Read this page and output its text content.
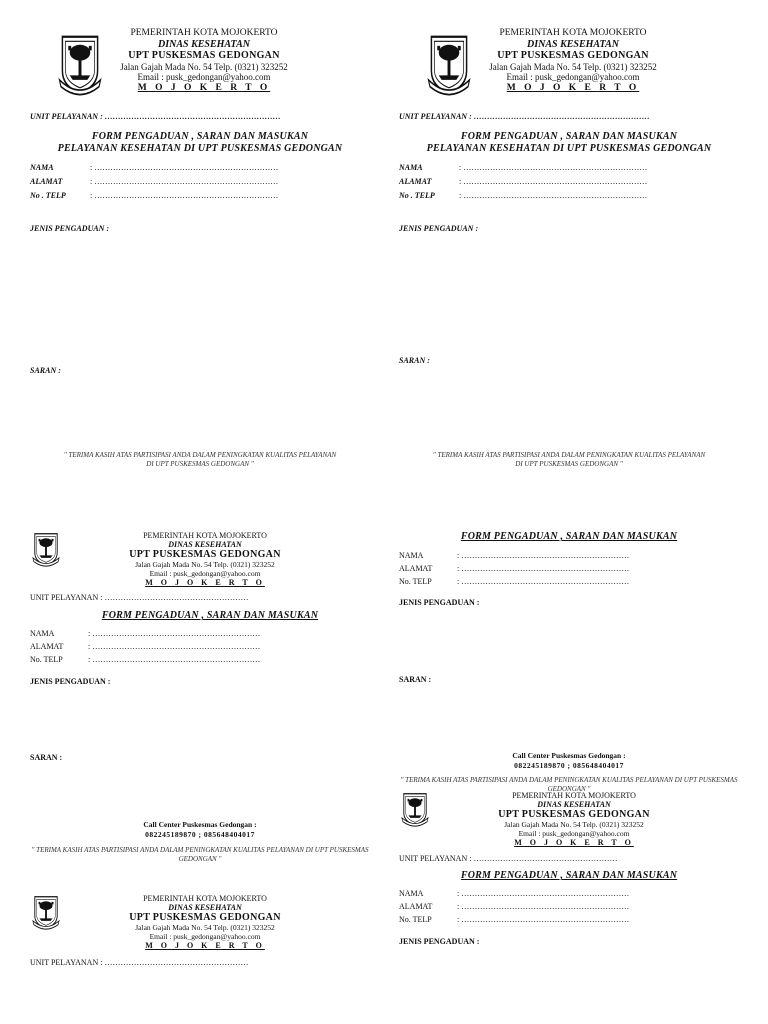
PEMERINTAH KOTA MOJOKERTO
DINAS KESEHATAN
UPT PUSKESMAS GEDONGAN
Jalan Gajah Mada No. 54 Telp. (0321) 323252
Email : pusk_gedongan@yahoo.com
M O J O K E R T O
UNIT PELAYANAN : …………………………………………………………
FORM PENGADUAN , SARAN DAN MASUKAN
PELAYANAN KESEHATAN DI UPT PUSKESMAS GEDONGAN
NAMA	: ……………………………………………………………
ALAMAT	: ……………………………………………………………
No . TELP	: ……………………………………………………………
JENIS PENGADUAN :
SARAN :
" TERIMA KASIH ATAS PARTISIPASI ANDA DALAM PENINGKATAN KUALITAS PELAYANAN
DI UPT PUSKESMAS GEDONGAN "
PEMERINTAH KOTA MOJOKERTO
DINAS KESEHATAN
UPT PUSKESMAS GEDONGAN
Jalan Gajah Mada No. 54 Telp. (0321) 323252
Email : pusk_gedongan@yahoo.com
M O J O K E R T O
UNIT PELAYANAN : …………………………………………………………
FORM PENGADUAN , SARAN DAN MASUKAN
PELAYANAN KESEHATAN DI UPT PUSKESMAS GEDONGAN
NAMA	: ……………………………………………………………
ALAMAT	: ……………………………………………………………
No . TELP	: ……………………………………………………………
JENIS PENGADUAN :
SARAN :
" TERIMA KASIH ATAS PARTISIPASI ANDA DALAM PENINGKATAN KUALITAS PELAYANAN
DI UPT PUSKESMAS GEDONGAN "
PEMERINTAH KOTA MOJOKERTO
DINAS KESEHATAN
UPT PUSKESMAS GEDONGAN
Jalan Gajah Mada No. 54 Telp. (0321) 323252
Email : pusk_gedongan@yahoo.com
M O J O K E R T O
UNIT PELAYANAN : ………………………………………………
FORM PENGADUAN , SARAN DAN MASUKAN
NAMA	: ………………………………………………………
ALAMAT	: ………………………………………………………
No. TELP	: ………………………………………………………
JENIS PENGADUAN :
SARAN :
Call Center Puskesmas Gedongan :
082245189870 ; 085648404017
" TERIMA KASIH ATAS PARTISIPASI ANDA DALAM PENINGKATAN KUALITAS PELAYANAN DI UPT PUSKESMAS
GEDONGAN "
PEMERINTAH KOTA MOJOKERTO
DINAS KESEHATAN
UPT PUSKESMAS GEDONGAN
Jalan Gajah Mada No. 54 Telp. (0321) 323252
Email : pusk_gedongan@yahoo.com
M O J O K E R T O
UNIT PELAYANAN : ………………………………………………
FORM PENGADUAN , SARAN DAN MASUKAN
NAMA	: ………………………………………………………
ALAMAT	: ………………………………………………………
No. TELP	: ………………………………………………………
JENIS PENGADUAN :
SARAN :
Call Center Puskesmas Gedongan :
082245189870 ; 085648404017
" TERIMA KASIH ATAS PARTISIPASI ANDA DALAM PENINGKATAN KUALITAS PELAYANAN DI UPT PUSKESMAS
GEDONGAN "
PEMERINTAH KOTA MOJOKERTO
DINAS KESEHATAN
UPT PUSKESMAS GEDONGAN
Jalan Gajah Mada No. 54 Telp. (0321) 323252
Email : pusk_gedongan@yahoo.com
M O J O K E R T O
UNIT PELAYANAN : ………………………………………………
FORM PENGADUAN , SARAN DAN MASUKAN
NAMA	: ………………………………………………………
ALAMAT	: ………………………………………………………
No. TELP	: ………………………………………………………
JENIS PENGADUAN :
